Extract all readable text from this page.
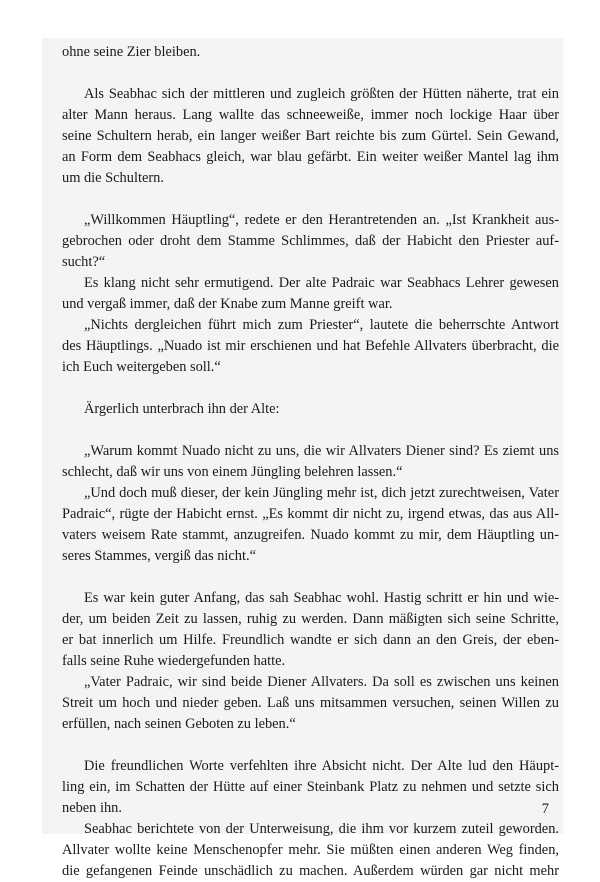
ohne seine Zier bleiben.

Als Seabhac sich der mittleren und zugleich größten der Hütten näherte, trat ein

alter Mann heraus. Lang wallte das schneeweiße, immer noch lockige Haar über

seine Schultern herab, ein langer weißer Bart reichte bis zum Gürtel. Sein Gewand,

an Form dem Seabhacs gleich, war blau gefärbt. Ein weiter weißer Mantel lag ihm

um die Schultern.

„Willkommen Häuptling“, redete er den Herantretenden an. „Ist Krankheit aus-

gebrochen oder droht dem Stamme Schlimmes, daß der Habicht den Priester auf-

sucht?“

Es klang nicht sehr ermutigend. Der alte Padraic war Seabhacs Lehrer gewesen

und vergaß immer, daß der Knabe zum Manne greift war.

„Nichts dergleichen führt mich zum Priester“, lautete die beherrschte Antwort

des Häuptlings. „Nuado ist mir erschienen und hat Befehle Allvaters überbracht, die

ich Euch weitergeben soll.“

Ärgerlich unterbrach ihn der Alte:

„Warum kommt Nuado nicht zu uns, die wir Allvaters Diener sind? Es ziemt uns

schlecht, daß wir uns von einem Jüngling belehren lassen.“

„Und doch muß dieser, der kein Jüngling mehr ist, dich jetzt zurechtweisen, Vater

Padraic“, rügte der Habicht ernst. „Es kommt dir nicht zu, irgend etwas, das aus All-

vaters weisem Rate stammt, anzugreifen. Nuado kommt zu mir, dem Häuptling un-

seres Stammes, vergiß das nicht.“

Es war kein guter Anfang, das sah Seabhac wohl. Hastig schritt er hin und wie-

der, um beiden Zeit zu lassen, ruhig zu werden. Dann mäßigten sich seine Schritte,

er bat innerlich um Hilfe. Freundlich wandte er sich dann an den Greis, der eben-

falls seine Ruhe wiedergefunden hatte.

„Vater Padraic, wir sind beide Diener Allvaters. Da soll es zwischen uns keinen

Streit um hoch und nieder geben. Laß uns mitsammen versuchen, seinen Willen zu

erfüllen, nach seinen Geboten zu leben.“

Die freundlichen Worte verfehlten ihre Absicht nicht. Der Alte lud den Häupt-

ling ein, im Schatten der Hütte auf einer Steinbank Platz zu nehmen und setzte sich

neben ihn.

Seabhac berichtete von der Unterweisung, die ihm vor kurzem zuteil geworden.

Allvater wollte keine Menschenopfer mehr. Sie müßten einen anderen Weg finden,

die gefangenen Feinde unschädlich zu machen. Außerdem würden gar nicht mehr

7
